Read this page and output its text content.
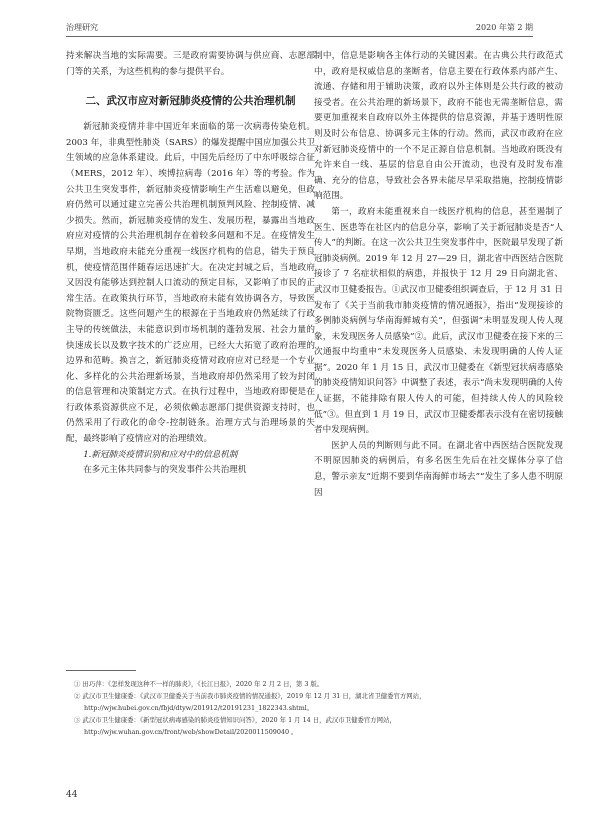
治理研究	2020 年第 2 期

持来解决当地的实际需要。三是政府需要协调与供应商、志愿部门等的关系，为这些机构的参与提供平台。

二、武汉市应对新冠肺炎疫情的公共治理机制

新冠肺炎疫情并非中国近年来面临的第一次病毒传染危机。2003 年，非典型性肺炎（SARS）的爆发提醒中国应加强公共卫生领域的应急体系建设。此后，中国先后经历了中东呼吸综合征（MERS，2012 年）、埃博拉病毒（2016 年）等的考验。作为公共卫生突发事件，新冠肺炎疫情影响生产生活难以避免，但政府仍然可以通过建立完善公共治理机制预判风险、控制疫情、减少损失。然而，新冠肺炎疫情的发生、发展历程，暴露出当地政府应对疫情的公共治理机制存在着较多问题和不足。在疫情发生早期，当地政府未能充分重视一线医疗机构的信息，错失于预良机，使疫情范围伴随春运迅速扩大。在决定封城之后，当地政府又因没有能够达到控制人口流动的预定目标，又影响了市民的正常生活。在政策执行环节，当地政府未能有效协调各方，导致医院物资匮乏。这些问题产生的根源在于当地政府仍然延续了行政主导的传统做法，未能意识到市场机制的蓬勃发展、社会力量的快速成长以及数字技术的广泛应用，已经大大拓宽了政府治理的边界和范畴。换言之，新冠肺炎疫情对政府应对已经是一个专业化、多样化的公共治理新场景，当地政府却仍然采用了较为封闭的信息管理和决策制定方式。在执行过程中，当地政府即便是在行政体系资源供应不足，必须依赖志愿部门提供资源支持时，也仍然采用了行政化的命令-控制链条。治理方式与治理场景的失配，最终影响了疫情应对的治理绩效。

1.新冠肺炎疫情识别和应对中的信息机制

在多元主体共同参与的突发事件公共治理机

制中，信息是影响各主体行动的关键因素。在古典公共行政范式中，政府是权威信息的垄断者，信息主要在行政体系内部产生、流通、存储和用于辅助决策，政府以外主体则是公共行政的被动接受者。在公共治理的新场景下，政府不能也无需垄断信息，需要更加重视来自政府以外主体提供的信息资源，并基于透明性原则及时公布信息、协调多元主体的行动。然而，武汉市政府在应对新冠肺炎疫情中的一个不足正源自信息机制。当地政府既没有允许来自一线、基层的信息自由公开流动，也没有及时发布准确、充分的信息，导致社会各界未能尽早采取措施，控制疫情影响范围。

第一，政府未能重视来自一线医疗机构的信息，甚至遏制了医生、医患等在社区内的信息分享，影响了关于新冠肺炎是否“人传人”的判断。在这一次公共卫生突发事件中，医院最早发现了新冠肺炎病例。2019 年 12 月 27—29 日，湖北省中西医结合医院接诊了 7 名症状相似的病患，并报快于 12 月 29 日向湖北省、武汉市卫健委报告。①武汉市卫健委组织调查后，于 12 月 31 日发布了《关于当前我市肺炎疫情的情况通报》，指出“发现接诊的多例肺炎病例与华南海鲜城有关”，但强调“未明显发现人传人现象，未发现医务人员感染”②。此后，武汉市卫健委在接下来的三次通报中均重申“未发现医务人员感染、未发现明确的人传人证据”。2020 年 1 月 15 日，武汉市卫健委在《新型冠状病毒感染的肺炎疫情知识问答》中调整了表述，表示“尚未发现明确的人传人证据，不能排除有限人传人的可能，但持续人传人的风险较低”③。但直到 1 月 19 日，武汉市卫健委都表示没有在密切接触者中发现病例。

医护人员的判断则与此不同。在湖北省中西医结合医院发现不明原因肺炎的病例后，有多名医生先后在社交媒体分享了信息，警示亲友“近期不要到华南海鲜市场去”“发生了多人患不明原因

① 田巧萍：《怎样发现这种不一样的肺炎》，《长江日报》，2020 年 2 月 2 日，第 3 版。

② 武汉市卫生健康委：《武汉市卫健委关于当前我市肺炎疫情的情况通报》，2019 年 12 月 31 日，湖北省卫健委官方网站，http://wjw.hubei.gov.cn/fbjd/dtyw/201912/t20191231_1822343.shtml。

③ 武汉市卫生健康委：《新型冠状病毒感染的肺炎疫情知识问答》，2020 年 1 月 14 日，武汉市卫健委官方网站，http://wjw.wuhan.gov.cn/front/web/showDetail/2020011509040 。

44
